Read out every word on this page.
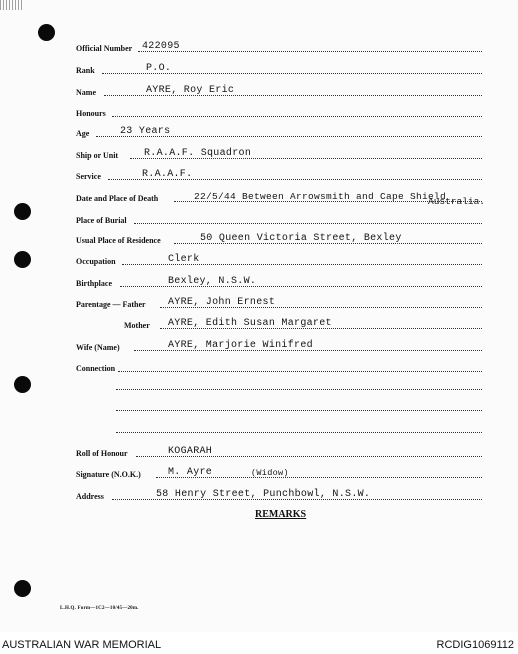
Official Number 422095
Rank	P.O.
Name	AYRE, Roy Eric
Honours
Age	23 Years
Ship or Unit	R.A.A.F. Squadron
Service	R.A.A.F.
Date and Place of Death	22/5/44 Between Arrowsmith and Cape Shield
Australia.
Place of Burial
Usual Place of Residence	50 Queen Victoria Street, Bexley
Occupation	Clerk
Birthplace	Bexley, N.S.W.
Parentage — Father AYRE, John Ernest
Mother AYRE, Edith Susan Margaret
Wife (Name)	AYRE, Marjorie Winifred
Connection
Roll of Honour	KOGARAH
Signature (N.O.K.)	M. Ayre	(Widow)
Address	58 Henry Street, Punchbowl, N.S.W.
REMARKS
L.H.Q. Form—1C2—10/45—20m.
AUSTRALIAN WAR MEMORIAL	RCDIG1069112
